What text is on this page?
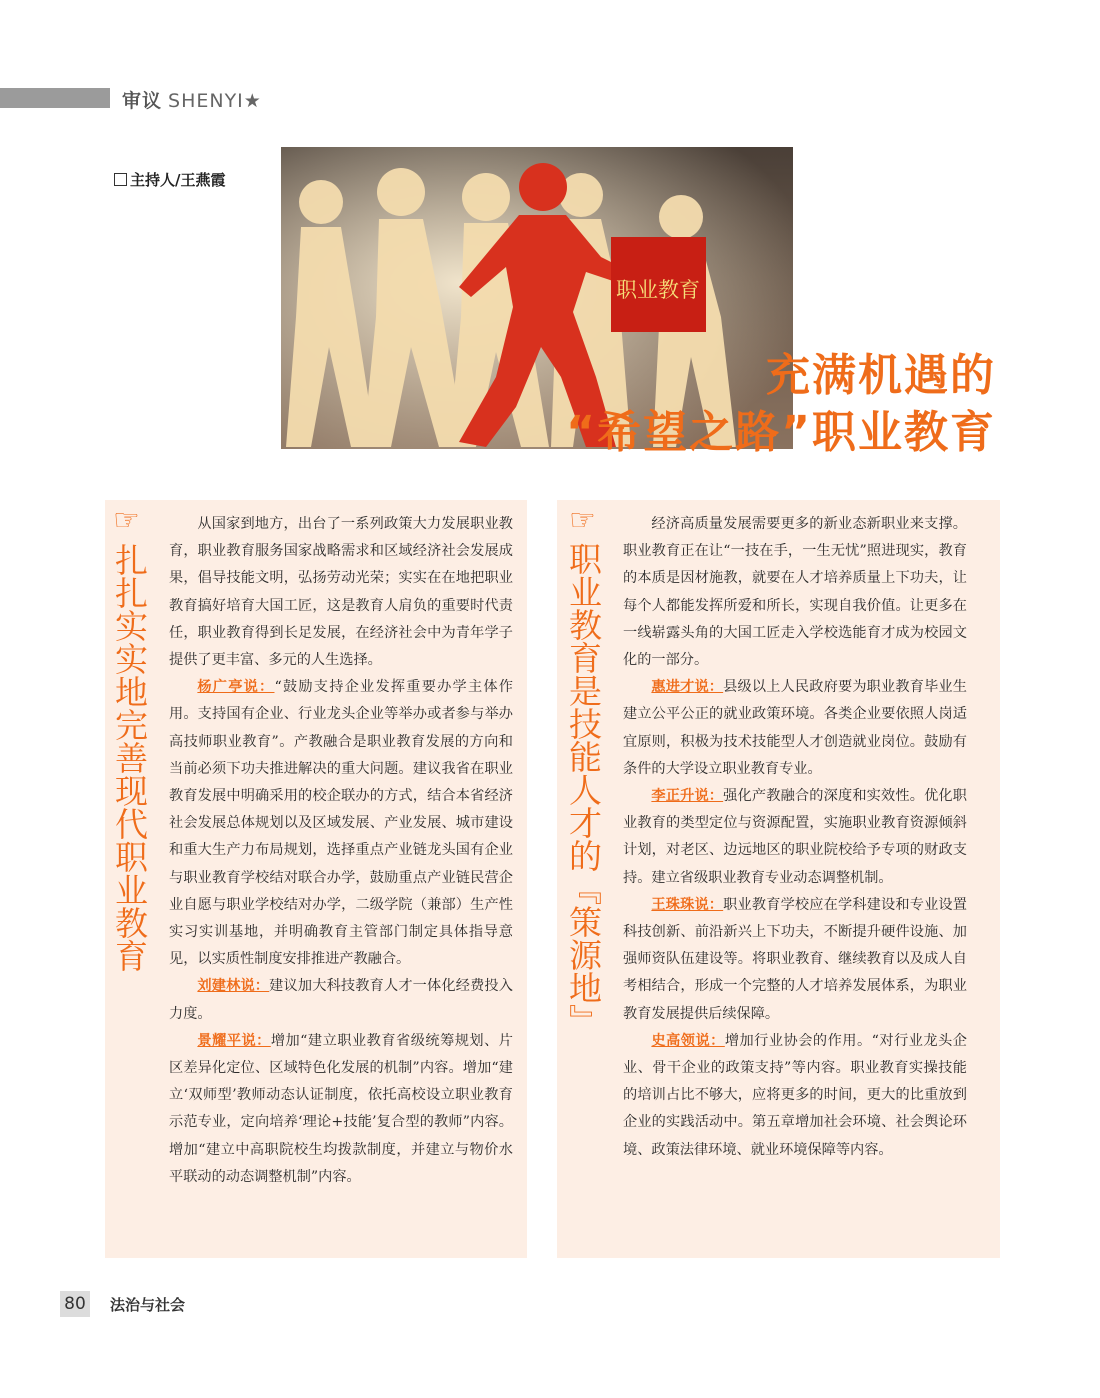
审议 SHENYI★
主持人/王燕霞
职业教育
充满机遇的
“希望之路”职业教育
☞
扎扎实实地完善现代职业教育

从国家到地方，出台了一系列政策大力发展职业教育，职业教育服务国家战略需求和区域经济社会发展成果，倡导技能文明，弘扬劳动光荣；实实在在地把职业教育搞好培育大国工匠，这是教育人肩负的重要时代责任，职业教育得到长足发展，在经济社会中为青年学子提供了更丰富、多元的人生选择。

杨广亭说：“鼓励支持企业发挥重要办学主体作用。支持国有企业、行业龙头企业等举办或者参与举办高技师职业教育”。产教融合是职业教育发展的方向和当前必须下功夫推进解决的重大问题。建议我省在职业教育发展中明确采用的校企联办的方式，结合本省经济社会发展总体规划以及区域发展、产业发展、城市建设和重大生产力布局规划，选择重点产业链龙头国有企业与职业教育学校结对联合办学，鼓励重点产业链民营企业自愿与职业学校结对办学，二级学院（兼部）生产性实习实训基地，并明确教育主管部门制定具体指导意见，以实质性制度安排推进产教融合。

刘建林说：建议加大科技教育人才一体化经费投入力度。

景耀平说：增加“建立职业教育省级统筹规划、片区差异化定位、区域特色化发展的机制”内容。增加“建立‘双师型’教师动态认证制度，依托高校设立职业教育示范专业，定向培养‘理论+技能’复合型的教师”内容。增加“建立中高职院校生均拨款制度，并建立与物价水平联动的动态调整机制”内容。

☞
职业教育是技能人才的『策源地』

经济高质量发展需要更多的新业态新职业来支撑。职业教育正在让“一技在手，一生无忧”照进现实，教育的本质是因材施教，就要在人才培养质量上下功夫，让每个人都能发挥所爱和所长，实现自我价值。让更多在一线崭露头角的大国工匠走入学校选能育才成为校园文化的一部分。

惠进才说：县级以上人民政府要为职业教育毕业生建立公平公正的就业政策环境。各类企业要依照人岗适宜原则，积极为技术技能型人才创造就业岗位。鼓励有条件的大学设立职业教育专业。

李正升说：强化产教融合的深度和实效性。优化职业教育的类型定位与资源配置，实施职业教育资源倾斜计划，对老区、边远地区的职业院校给予专项的财政支持。建立省级职业教育专业动态调整机制。

王珠珠说：职业教育学校应在学科建设和专业设置科技创新、前沿新兴上下功夫，不断提升硬件设施、加强师资队伍建设等。将职业教育、继续教育以及成人自考相结合，形成一个完整的人才培养发展体系，为职业教育发展提供后续保障。

史高领说：增加行业协会的作用。“对行业龙头企业、骨干企业的政策支持”等内容。职业教育实操技能的培训占比不够大，应将更多的时间，更大的比重放到企业的实践活动中。第五章增加社会环境、社会舆论环境、政策法律环境、就业环境保障等内容。

80 法治与社会
